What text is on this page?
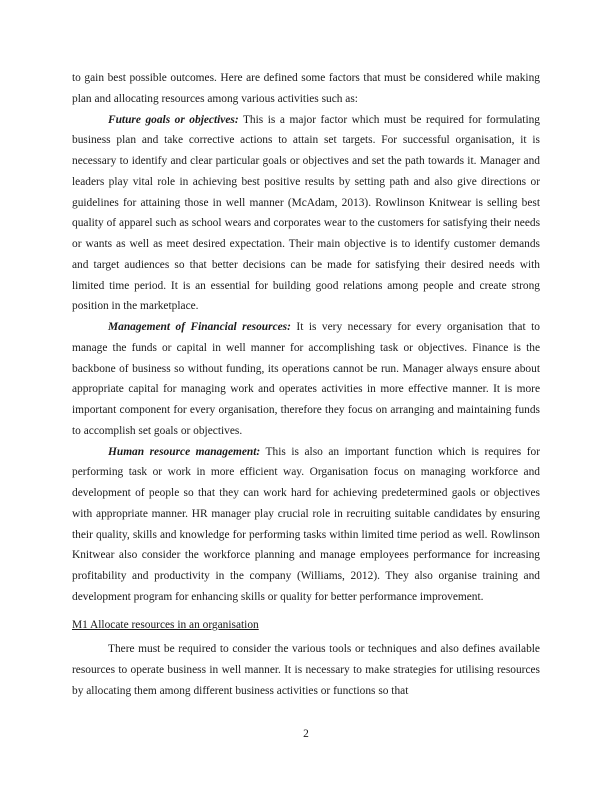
to gain best possible outcomes. Here are defined some factors that must be considered while making plan and allocating resources among various activities such as:

Future goals or objectives: This is a major factor which must be required for formulating business plan and take corrective actions to attain set targets. For successful organisation, it is necessary to identify and clear particular goals or objectives and set the path towards it. Manager and leaders play vital role in achieving best positive results by setting path and also give directions or guidelines for attaining those in well manner (McAdam, 2013). Rowlinson Knitwear is selling best quality of apparel such as school wears and corporates wear to the customers for satisfying their needs or wants as well as meet desired expectation. Their main objective is to identify customer demands and target audiences so that better decisions can be made for satisfying their desired needs with limited time period. It is an essential for building good relations among people and create strong position in the marketplace.

Management of Financial resources: It is very necessary for every organisation that to manage the funds or capital in well manner for accomplishing task or objectives. Finance is the backbone of business so without funding, its operations cannot be run. Manager always ensure about appropriate capital for managing work and operates activities in more effective manner. It is more important component for every organisation, therefore they focus on arranging and maintaining funds to accomplish set goals or objectives.

Human resource management: This is also an important function which is requires for performing task or work in more efficient way. Organisation focus on managing workforce and development of people so that they can work hard for achieving predetermined gaols or objectives with appropriate manner. HR manager play crucial role in recruiting suitable candidates by ensuring their quality, skills and knowledge for performing tasks within limited time period as well. Rowlinson Knitwear also consider the workforce planning and manage employees performance for increasing profitability and productivity in the company (Williams, 2012). They also organise training and development program for enhancing skills or quality for better performance improvement.

M1 Allocate resources in an organisation

There must be required to consider the various tools or techniques and also defines available resources to operate business in well manner. It is necessary to make strategies for utilising resources by allocating them among different business activities or functions so that

2
